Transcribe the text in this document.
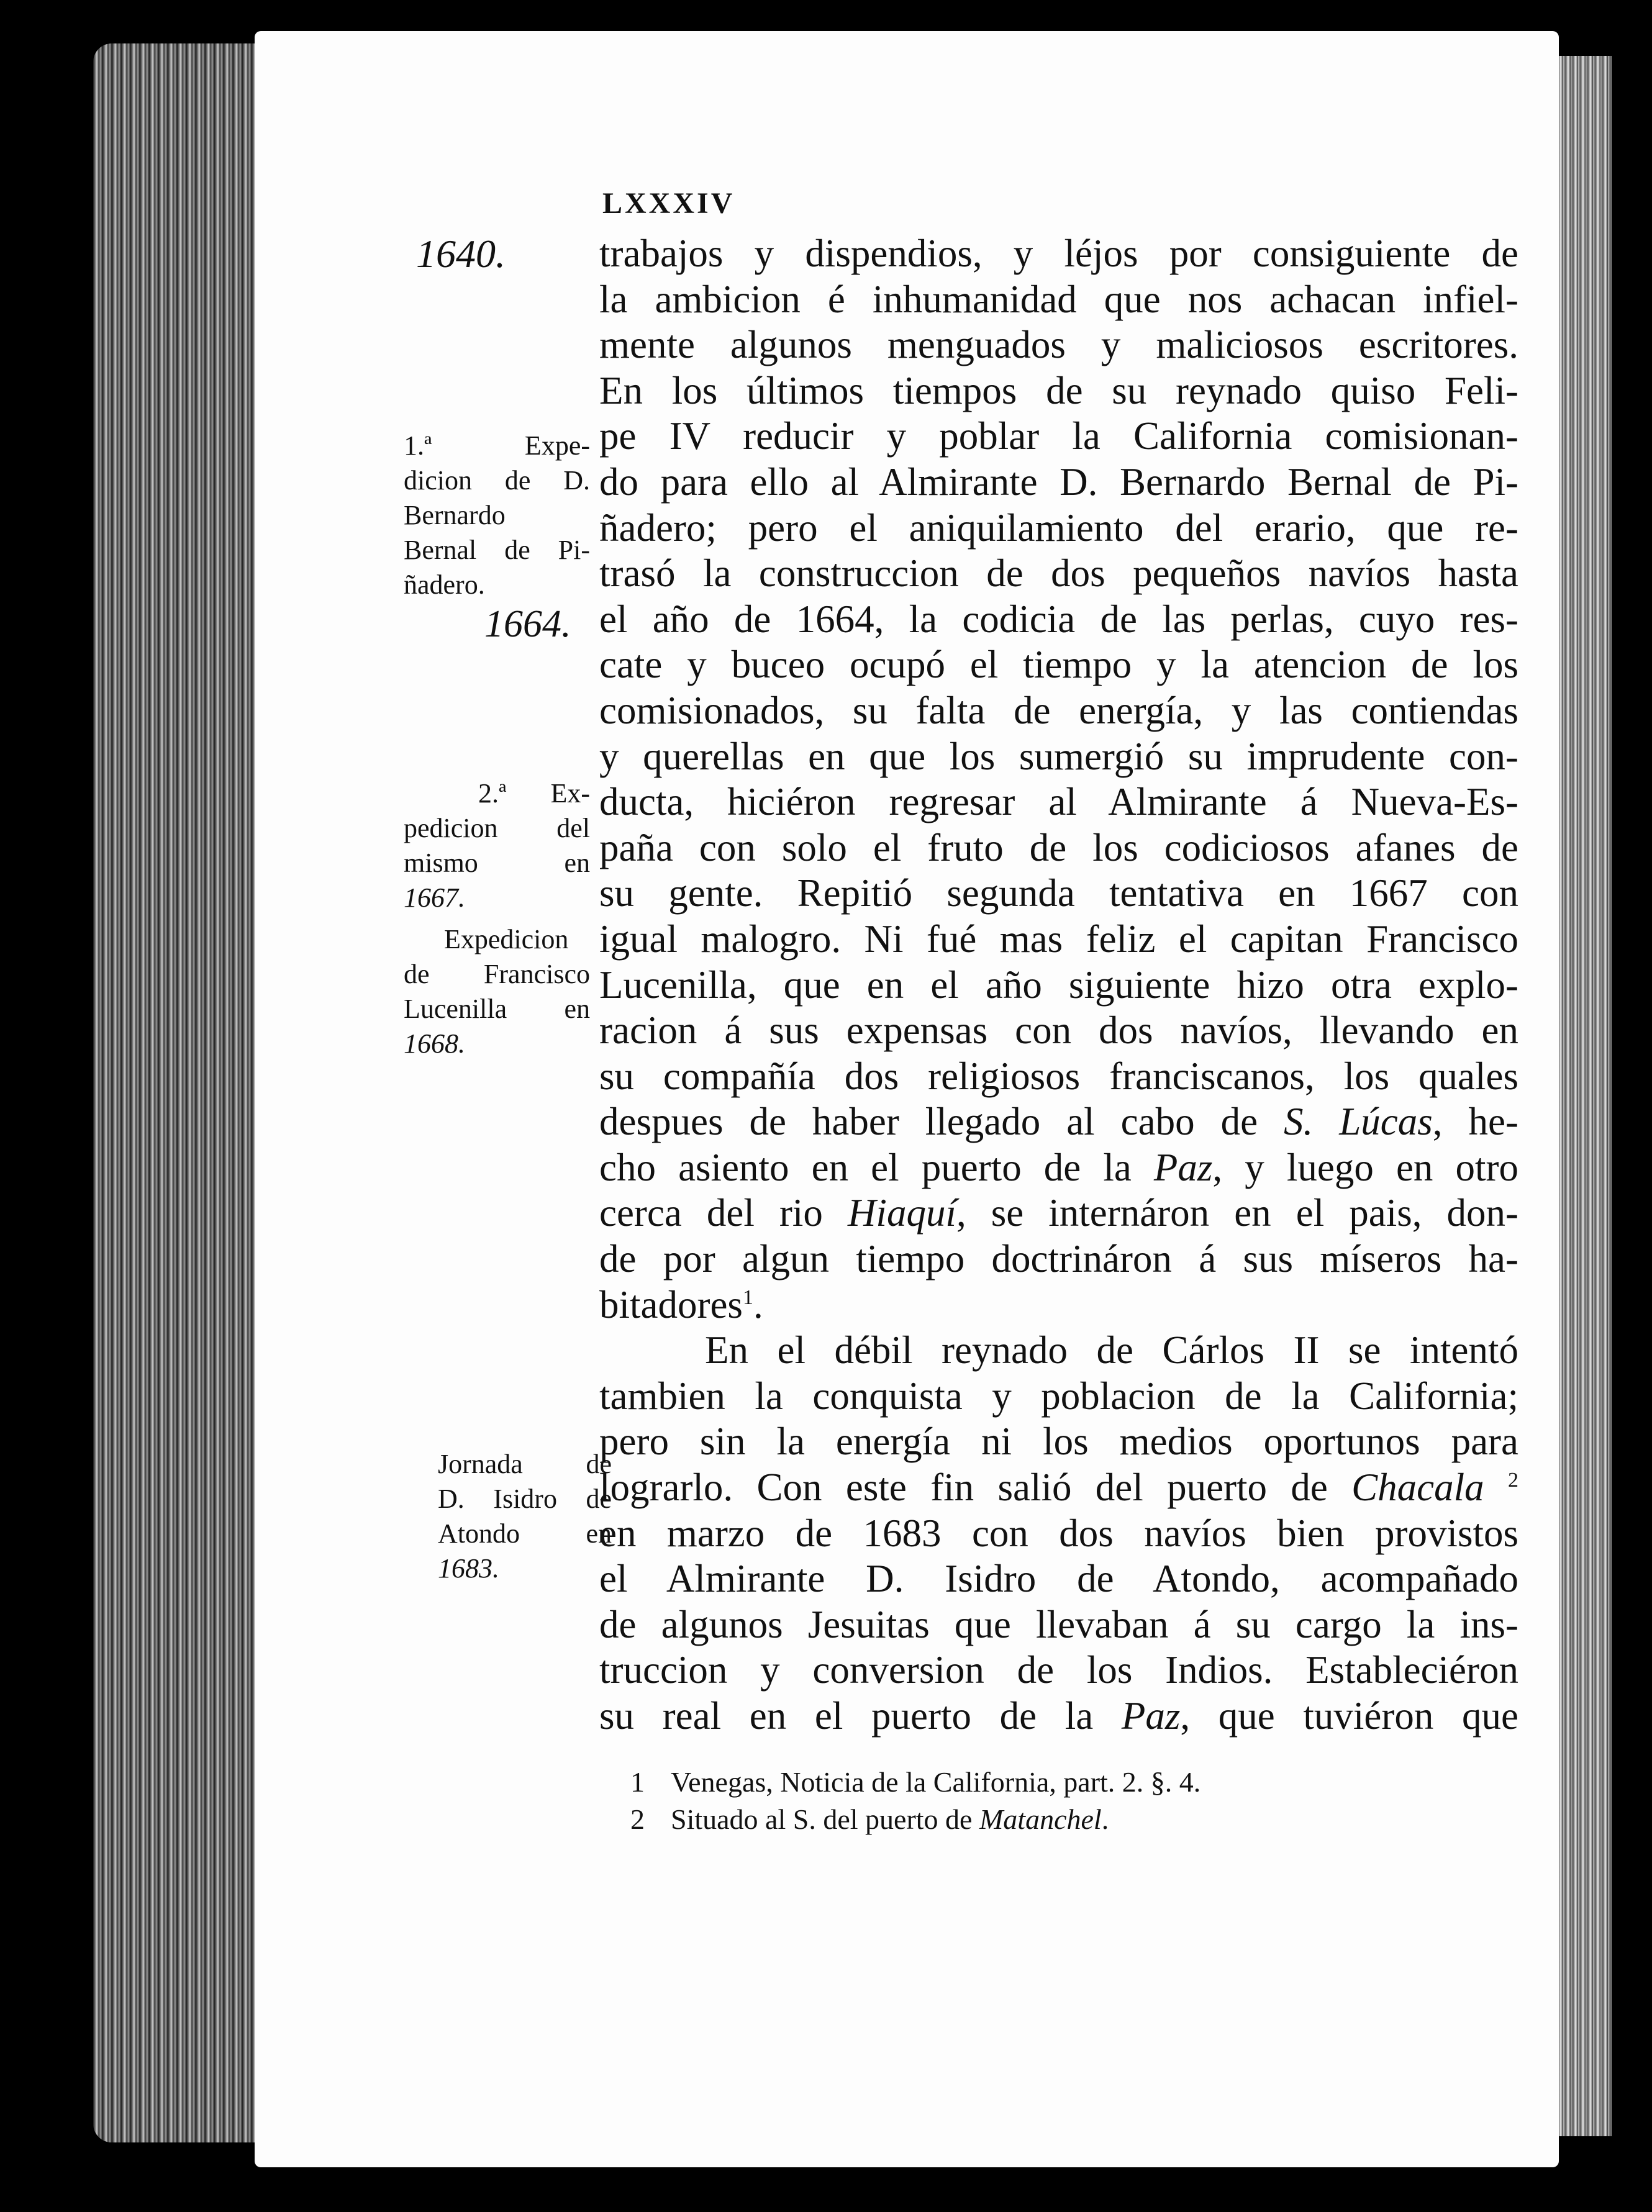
LXXXIV
1640. trabajos y dispendios, y léjos por consiguiente de
la ambicion é inhumanidad que nos achacan infiel-
mente algunos menguados y maliciosos escritores.
En los últimos tiempos de su reynado quiso Feli-
pe IV reducir y poblar la California comisionan-
do para ello al Almirante D. Bernardo Bernal de Pi-
ñadero; pero el aniquilamiento del erario, que re-
trasó la construccion de dos pequeños navíos hasta
el año de 1664, la codicia de las perlas, cuyo res-
cate y buceo ocupó el tiempo y la atencion de los
comisionados, su falta de energía, y las contiendas
y querellas en que los sumergió su imprudente con-
ducta, hiciéron regresar al Almirante á Nueva-Es-
paña con solo el fruto de los codiciosos afanes de
su gente. Repitió segunda tentativa en 1667 con
igual malogro. Ni fué mas feliz el capitan Francisco
Lucenilla, que en el año siguiente hizo otra explo-
racion á sus expensas con dos navíos, llevando en
su compañía dos religiosos franciscanos, los quales
despues de haber llegado al cabo de S. Lúcas, he-
cho asiento en el puerto de la Paz, y luego en otro
cerca del rio Hiaquí, se internáron en el pais, don-
de por algun tiempo doctrináron á sus míseros ha-
bitadores$^1$.
En el débil reynado de Cárlos II se intentó
tambien la conquista y poblacion de la California;
pero sin la energía ni los medios oportunos para
lograrlo. Con este fin salió del puerto de Chacala $^2$
en marzo de 1683 con dos navíos bien provistos
el Almirante D. Isidro de Atondo, acompañado
de algunos Jesuitas que llevaban á su cargo la ins-
truccion y conversion de los Indios. Estableciéron
su real en el puerto de la Paz, que tuviéron que
1.ª Expe-
dicion de D.
Bernardo
Bernal de Pi-
ñadero.
1664.
2.ª Ex-
pedicion del
mismo en
1667.
Expedicion
de Francisco
Lucenilla en
1668.
Jornada de
D. Isidro de
Atondo en
1683.
1 Venegas, Noticia de la California, part. 2. §. 4.
2 Situado al S. del puerto de Matanchel.
